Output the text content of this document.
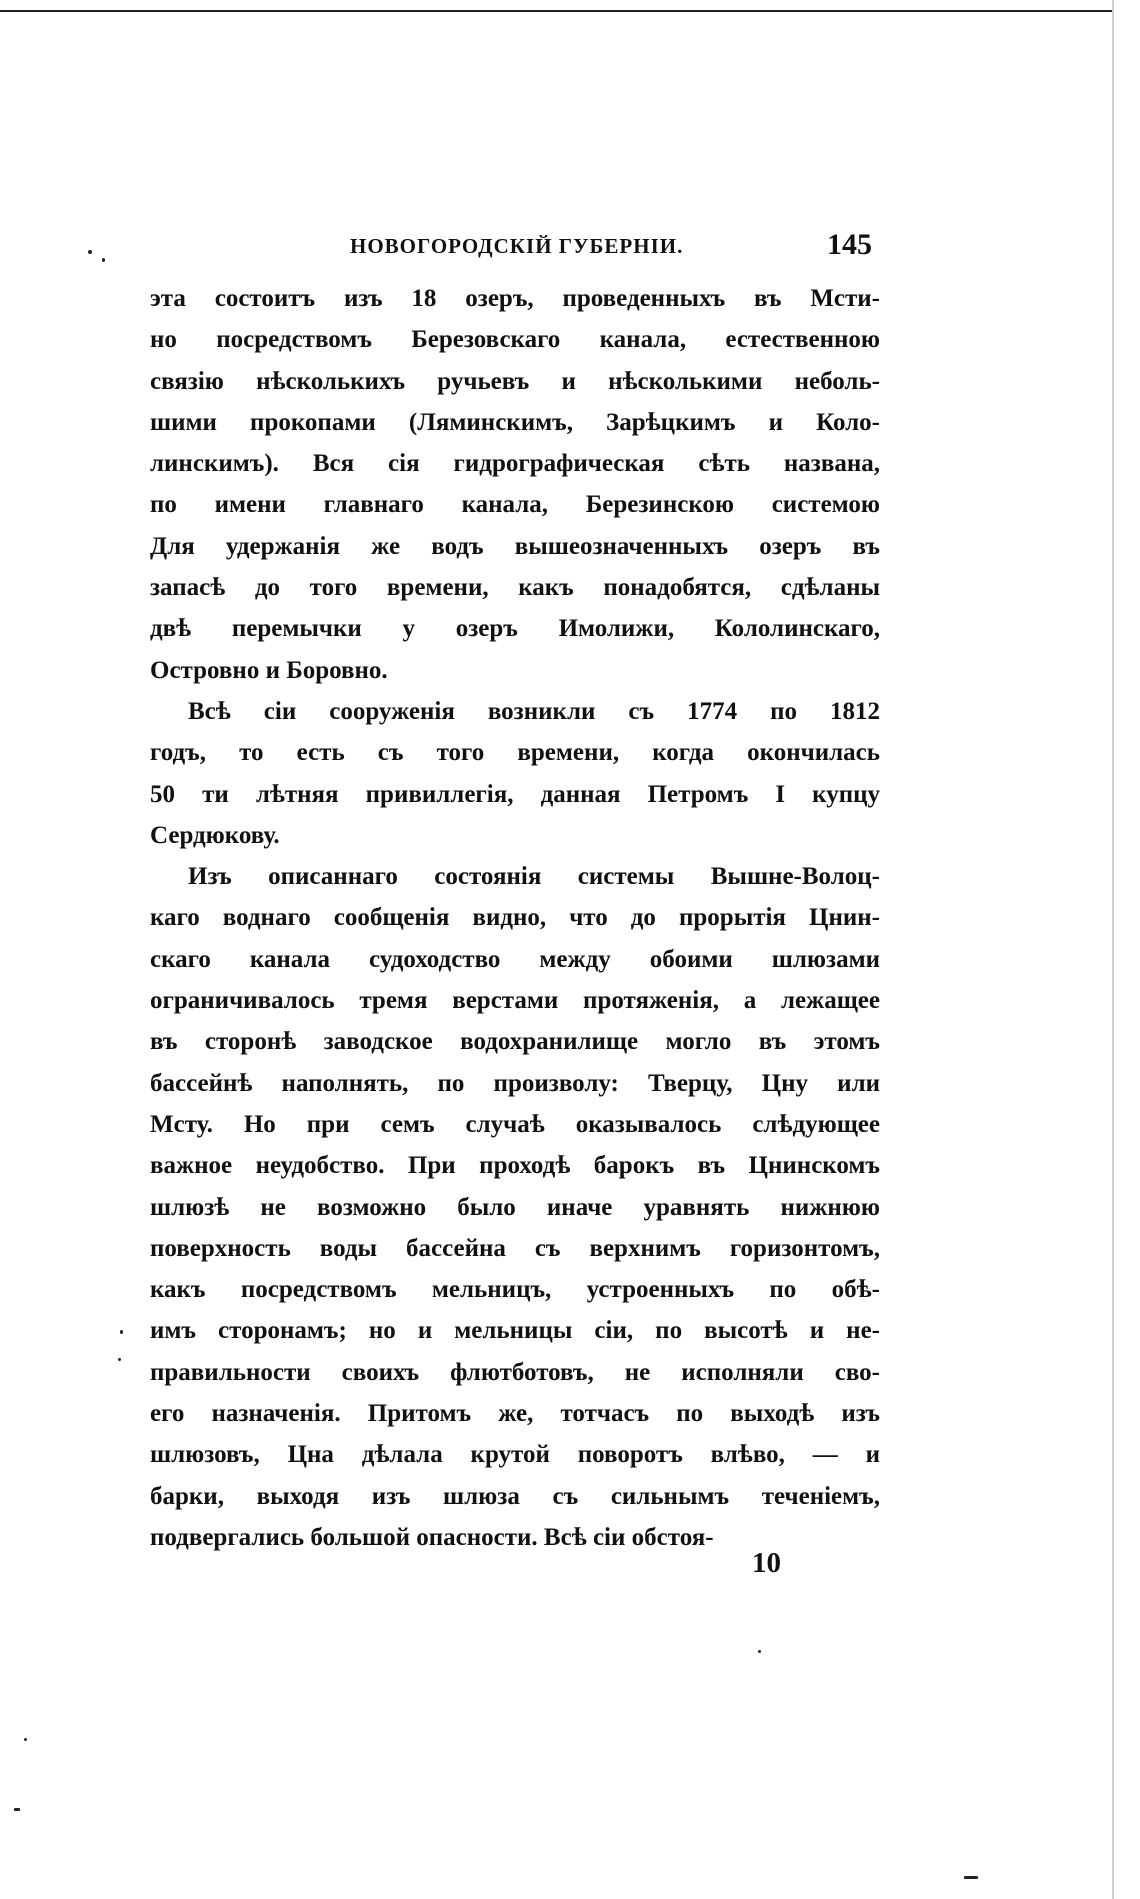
НОВОГОРОДСКІЙ ГУБЕРНІИ.	145
эта состоитъ изъ 18 озеръ, проведенныхъ въ Мсти-
но посредствомъ Березовскаго канала, естественною
связію нѣсколькихъ ручьевъ и нѣсколькими неболь-
шими прокопами (Ляминскимъ, Зарѣцкимъ и Коло-
линскимъ). Вся сія гидрографическая сѣть названа,
по имени главнаго канала, Березинскою системою
Для удержанія же водъ вышеозначенныхъ озеръ въ
запасѣ до того времени, какъ понадобятся, сдѣланы
двѣ перемычки у озеръ Имолижи, Кололинскаго,
Островно и Боровно.
Всѣ сіи сооруженія возникли съ 1774 по 1812
годъ, то есть съ того времени, когда окончилась
50 ти лѣтняя привиллегія, данная Петромъ I купцу
Сердюкову.
Изъ описаннаго состоянія системы Вышне-Волоц-
каго воднаго сообщенія видно, что до прорытія Цнин-
скаго канала судоходство между обоими шлюзами
ограничивалось тремя верстами протяженія, а лежащее
въ сторонѣ заводское водохранилище могло въ этомъ
бассейнѣ наполнять, по произволу: Тверцу, Цну или
Мсту. Но при семъ случаѣ оказывалось слѣдующее
важное неудобство. При проходѣ барокъ въ Цнинскомъ
шлюзѣ не возможно было иначе уравнять нижнюю
поверхность воды бассейна съ верхнимъ горизонтомъ,
какъ посредствомъ мельницъ, устроенныхъ по обѣ-
имъ сторонамъ; но и мельницы сіи, по высотѣ и не-
правильности своихъ флютботовъ, не исполняли сво-
его назначенія. Притомъ же, тотчасъ по выходѣ изъ
шлюзовъ, Цна дѣлала крутой поворотъ влѣво, — и
барки, выходя изъ шлюза съ сильнымъ теченіемъ,
подвергались большой опасности. Всѣ сіи обстоя-
10
